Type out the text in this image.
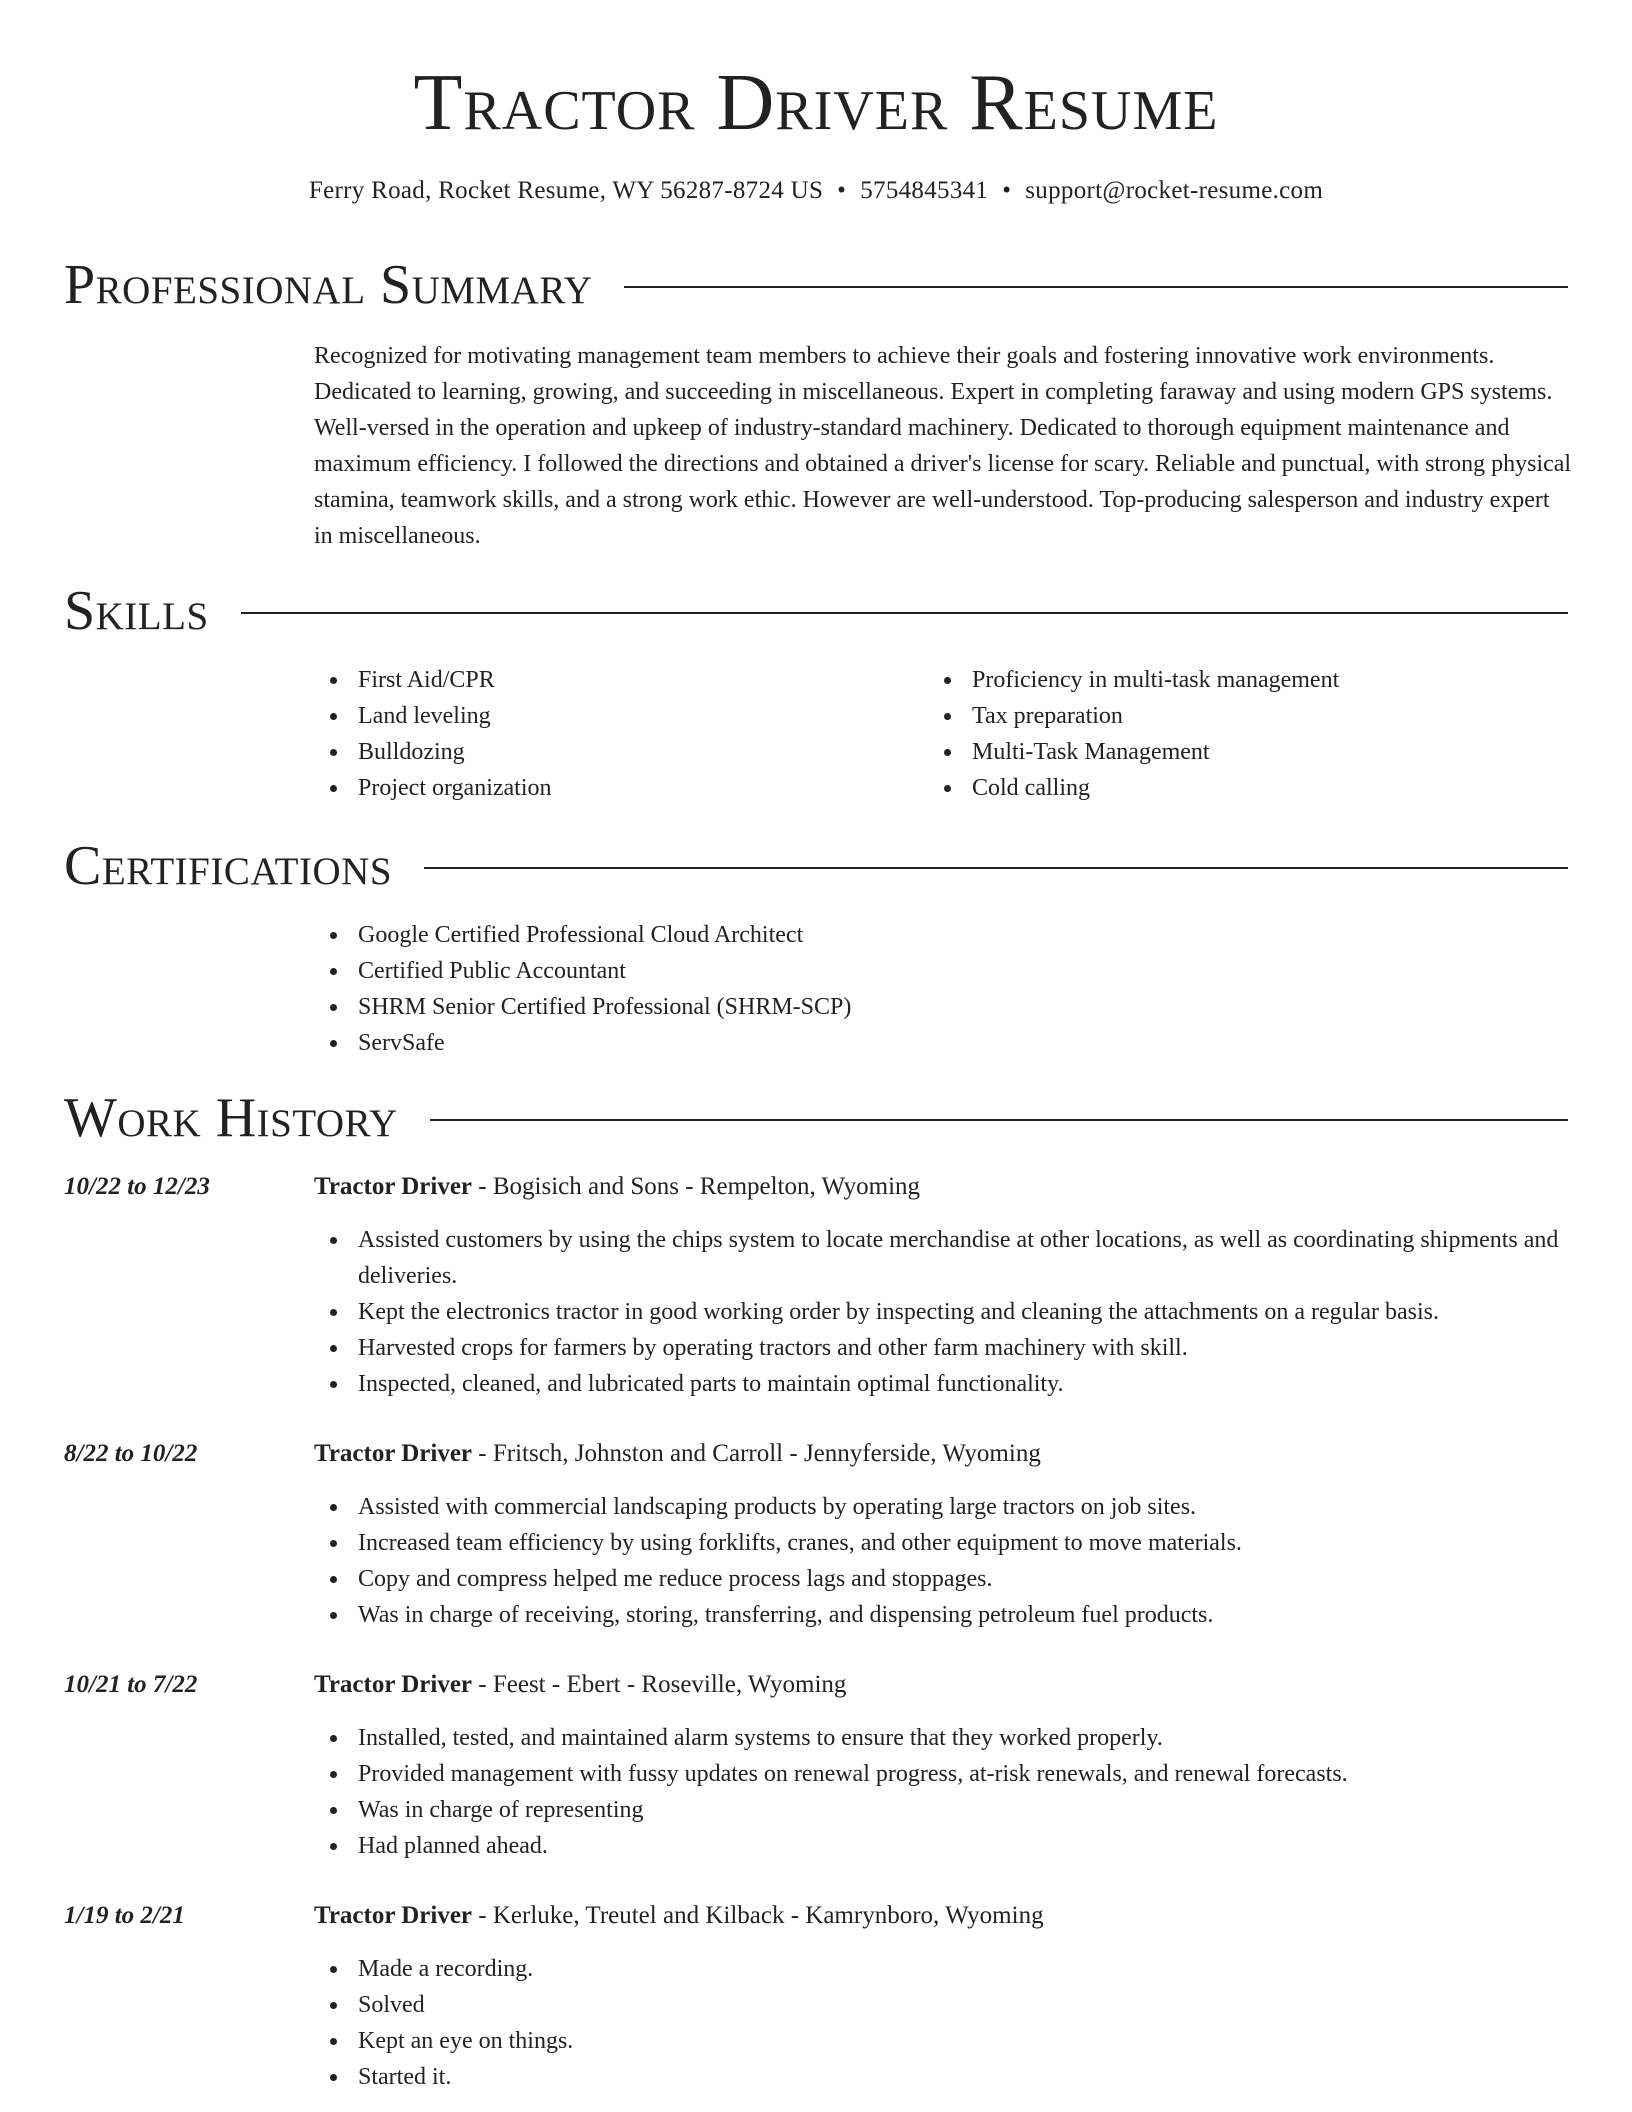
Tractor Driver Resume
Ferry Road, Rocket Resume, WY 56287-8724 US • 5754845341 • support@rocket-resume.com
Professional Summary
Recognized for motivating management team members to achieve their goals and fostering innovative work environments. Dedicated to learning, growing, and succeeding in miscellaneous. Expert in completing faraway and using modern GPS systems. Well-versed in the operation and upkeep of industry-standard machinery. Dedicated to thorough equipment maintenance and maximum efficiency. I followed the directions and obtained a driver's license for scary. Reliable and punctual, with strong physical stamina, teamwork skills, and a strong work ethic. However are well-understood. Top-producing salesperson and industry expert in miscellaneous.
Skills
First Aid/CPR
Land leveling
Bulldozing
Project organization
Proficiency in multi-task management
Tax preparation
Multi-Task Management
Cold calling
Certifications
Google Certified Professional Cloud Architect
Certified Public Accountant
SHRM Senior Certified Professional (SHRM-SCP)
ServSafe
Work History
10/22 to 12/23	Tractor Driver - Bogisich and Sons - Rempelton, Wyoming
Assisted customers by using the chips system to locate merchandise at other locations, as well as coordinating shipments and deliveries.
Kept the electronics tractor in good working order by inspecting and cleaning the attachments on a regular basis.
Harvested crops for farmers by operating tractors and other farm machinery with skill.
Inspected, cleaned, and lubricated parts to maintain optimal functionality.
8/22 to 10/22	Tractor Driver - Fritsch, Johnston and Carroll - Jennyferside, Wyoming
Assisted with commercial landscaping products by operating large tractors on job sites.
Increased team efficiency by using forklifts, cranes, and other equipment to move materials.
Copy and compress helped me reduce process lags and stoppages.
Was in charge of receiving, storing, transferring, and dispensing petroleum fuel products.
10/21 to 7/22	Tractor Driver - Feest - Ebert - Roseville, Wyoming
Installed, tested, and maintained alarm systems to ensure that they worked properly.
Provided management with fussy updates on renewal progress, at-risk renewals, and renewal forecasts.
Was in charge of representing
Had planned ahead.
1/19 to 2/21	Tractor Driver - Kerluke, Treutel and Kilback - Kamrynboro, Wyoming
Made a recording.
Solved
Kept an eye on things.
Started it.
